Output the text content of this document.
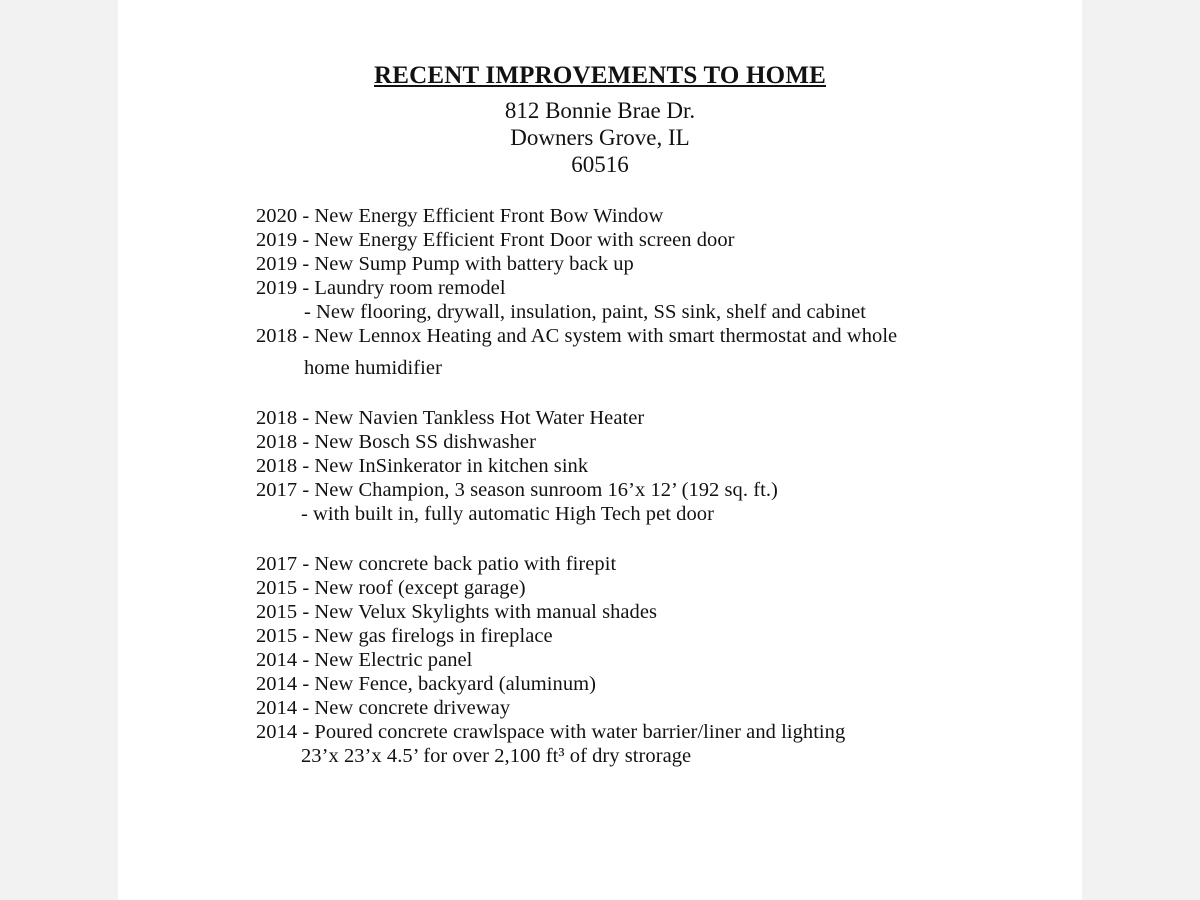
RECENT IMPROVEMENTS TO HOME
812 Bonnie Brae Dr.
Downers Grove, IL
60516
2020 - New Energy Efficient Front Bow Window
2019 - New Energy Efficient Front Door with screen door
2019 - New Sump Pump with battery back up
2019 - Laundry room remodel
- New flooring, drywall, insulation, paint, SS sink, shelf and cabinet
2018 - New Lennox Heating and AC system with smart thermostat and whole
home humidifier
2018 - New Navien Tankless Hot Water Heater
2018 - New Bosch SS dishwasher
2018 - New InSinkerator in kitchen sink
2017 - New Champion, 3 season sunroom 16’x 12’ (192 sq. ft.)
- with built in, fully automatic High Tech pet door
2017 - New concrete back patio with firepit
2015 - New roof (except garage)
2015 - New Velux Skylights with manual shades
2015 - New gas firelogs in fireplace
2014 - New Electric panel
2014 - New Fence, backyard (aluminum)
2014 - New concrete driveway
2014 - Poured concrete crawlspace with water barrier/liner and lighting
23’x 23’x 4.5’ for over 2,100 ft³ of dry strorage
